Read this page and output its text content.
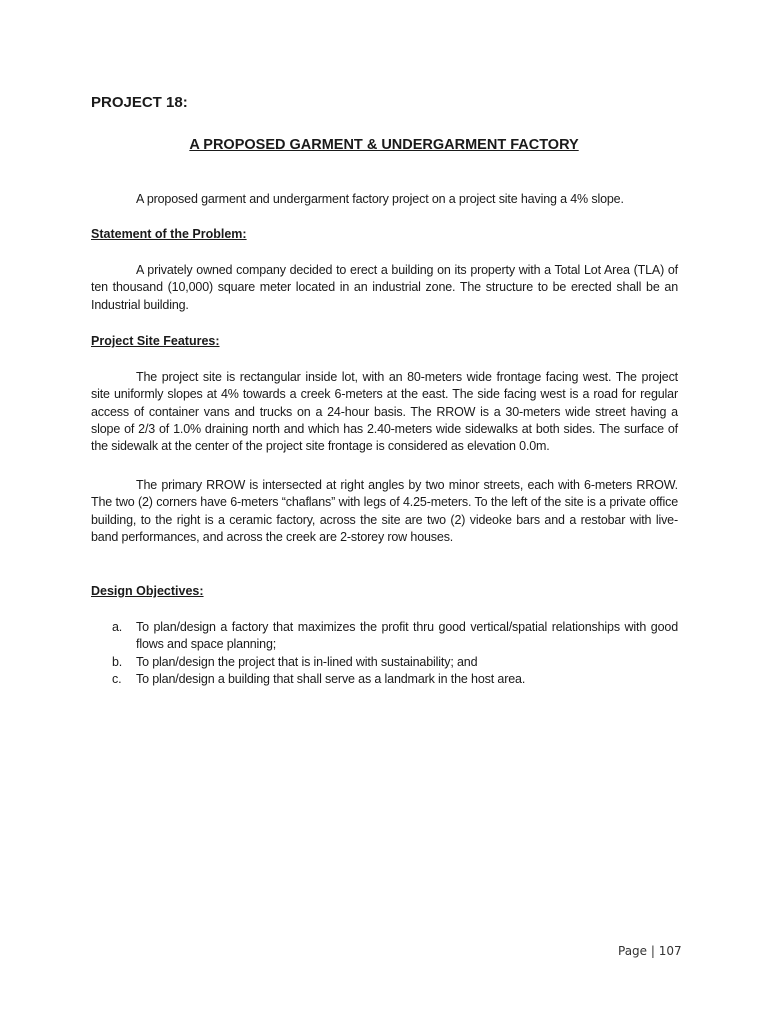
PROJECT 18:
A PROPOSED GARMENT & UNDERGARMENT FACTORY
A proposed garment and undergarment factory project on a project site having a 4% slope.
Statement of the Problem:
A privately owned company decided to erect a building on its property with a Total Lot Area (TLA) of ten thousand (10,000) square meter located in an industrial zone. The structure to be erected shall be an Industrial building.
Project Site Features:
The project site is rectangular inside lot, with an 80-meters wide frontage facing west. The project site uniformly slopes at 4% towards a creek 6-meters at the east. The side facing west is a road for regular access of container vans and trucks on a 24-hour basis. The RROW is a 30-meters wide street having a slope of 2/3 of 1.0% draining north and which has 2.40-meters wide sidewalks at both sides. The surface of the sidewalk at the center of the project site frontage is considered as elevation 0.0m.
The primary RROW is intersected at right angles by two minor streets, each with 6-meters RROW. The two (2) corners have 6-meters “chaflans” with legs of 4.25-meters. To the left of the site is a private office building, to the right is a ceramic factory, across the site are two (2) videoke bars and a restobar with live-band performances, and across the creek are 2-storey row houses.
Design Objectives:
a.	To plan/design a factory that maximizes the profit thru good vertical/spatial relationships with good flows and space planning;
b.	To plan/design the project that is in-lined with sustainability; and
c.	To plan/design a building that shall serve as a landmark in the host area.
Page | 107
